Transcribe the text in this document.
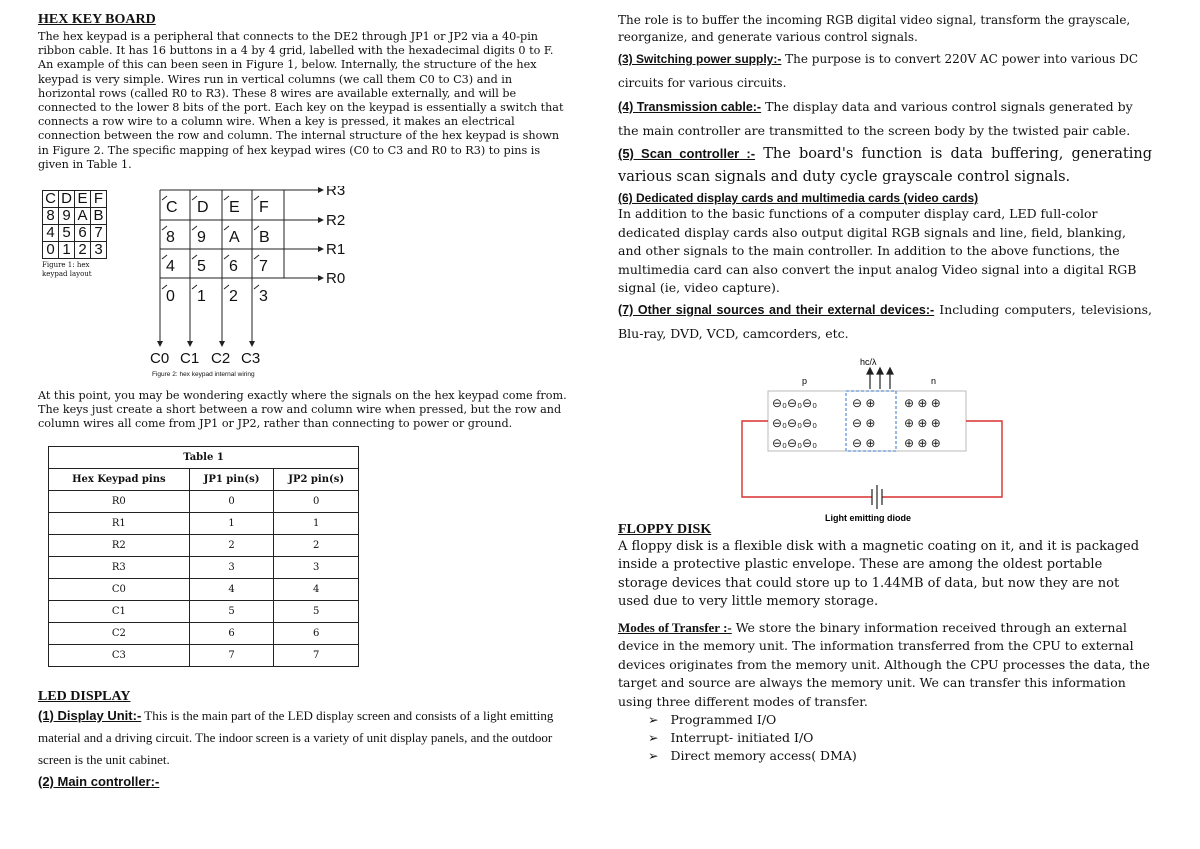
HEX KEY BOARD

The hex keypad is a peripheral that connects to the DE2 through JP1 or JP2 via a 40-pin ribbon cable. It has 16 buttons in a 4 by 4 grid, labelled with the hexadecimal digits 0 to F. An example of this can been seen in Figure 1, below. Internally, the structure of the hex keypad is very simple. Wires run in vertical columns (we call them C0 to C3) and in horizontal rows (called R0 to R3). These 8 wires are available externally, and will be connected to the lower 8 bits of the port. Each key on the keypad is essentially a switch that connects a row wire to a column wire. When a key is pressed, it makes an electrical connection between the row and column. The internal structure of the hex keypad is shown in Figure 2. The specific mapping of hex keypad wires (C0 to C3 and R0 to R3) to pins is given in Table 1.

C	D	E	F
8	9	A	B
4	5	6	7
0	1	2	3
Figure 1: hex keypad layout
C D E F
8 9 A B
4 5 6 7
0 1 2 3
R3
R2
R1
R0
C0 C1 C2 C3
Figure 2: hex keypad internal wiring

At this point, you may be wondering exactly where the signals on the hex keypad come from. The keys just create a short between a row and column wire when pressed, but the row and column wires all come from JP1 or JP2, rather than connecting to power or ground.

Table 1		
Hex Keypad pins	JP1 pin(s)	JP2 pin(s)
R0	0	0
R1	1	1
R2	2	2
R3	3	3
C0	4	4
C1	5	5
C2	6	6
C3	7	7
LED DISPLAY

(1) Display Unit:- This is the main part of the LED display screen and consists of a light emitting material and a driving circuit. The indoor screen is a variety of unit display panels, and the outdoor screen is the unit cabinet.

(2) Main controller:-

The role is to buffer the incoming RGB digital video signal, transform the grayscale, reorganize, and generate various control signals.

(3) Switching power supply:- The purpose is to convert 220V AC power into various DC circuits for various circuits.

(4) Transmission cable:- The display data and various control signals generated by the main controller are transmitted to the screen body by the twisted pair cable.

(5) Scan controller :- The board's function is data buffering, generating various scan signals and duty cycle grayscale control signals.

(6) Dedicated display cards and multimedia cards (video cards)

In addition to the basic functions of a computer display card, LED full-color dedicated display cards also output digital RGB signals and line, field, blanking, and other signals to the main controller. In addition to the above functions, the multimedia card can also convert the input analog Video signal into a digital RGB signal (ie, video capture).

(7) Other signal sources and their external devices:- Including computers, televisions, Blu-ray, DVD, VCD, camcorders, etc.

hc/λ
p	n
⊖₀⊖₀⊖₀
⊖₀⊖₀⊖₀
⊖₀⊖₀⊖₀
⊖ ⊕
⊖ ⊕
⊖ ⊕
⊕ ⊕ ⊕
⊕ ⊕ ⊕
⊕ ⊕ ⊕
Light emitting diode
FLOPPY DISK

A floppy disk is a flexible disk with a magnetic coating on it, and it is packaged inside a protective plastic envelope. These are among the oldest portable storage devices that could store up to 1.44MB of data, but now they are not used due to very little memory storage.

Modes of Transfer :- We store the binary information received through an external device in the memory unit. The information transferred from the CPU to external devices originates from the memory unit. Although the CPU processes the data, the target and source are always the memory unit. We can transfer this information using three different modes of transfer.

➢ Programmed I/O
➢ Interrupt- initiated I/O
➢ Direct memory access( DMA)
